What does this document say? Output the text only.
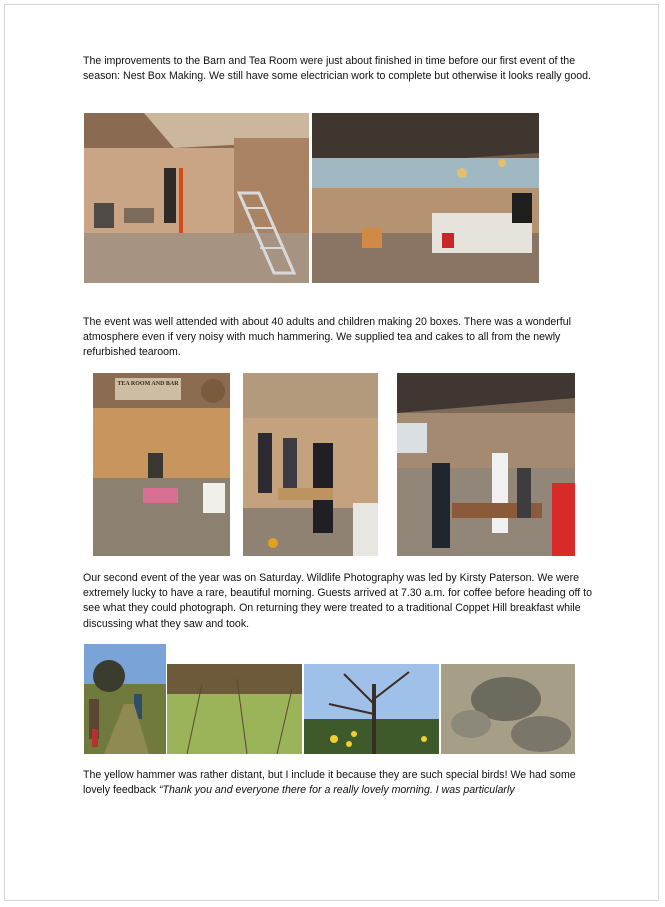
The improvements to the Barn and Tea Room were just about finished in time before our first event of the season: Nest Box Making. We still have some electrician work to complete but otherwise it looks really good.

The event was well attended with about 40 adults and children making 20 boxes. There was a wonderful atmosphere even if very noisy with much hammering. We supplied tea and cakes to all from the newly refurbished tearoom.

TEA ROOM AND BAR

Our second event of the year was on Saturday. Wildlife Photography was led by Kirsty Paterson. We were extremely lucky to have a rare, beautiful morning. Guests arrived at 7.30 a.m. for coffee before heading off to see what they could photograph. On returning they were treated to a traditional Coppet Hill breakfast while discussing what they saw and took.

The yellow hammer was rather distant, but I include it because they are such special birds! We had some lovely feedback “Thank you and everyone there for a really lovely morning. I was particularly
